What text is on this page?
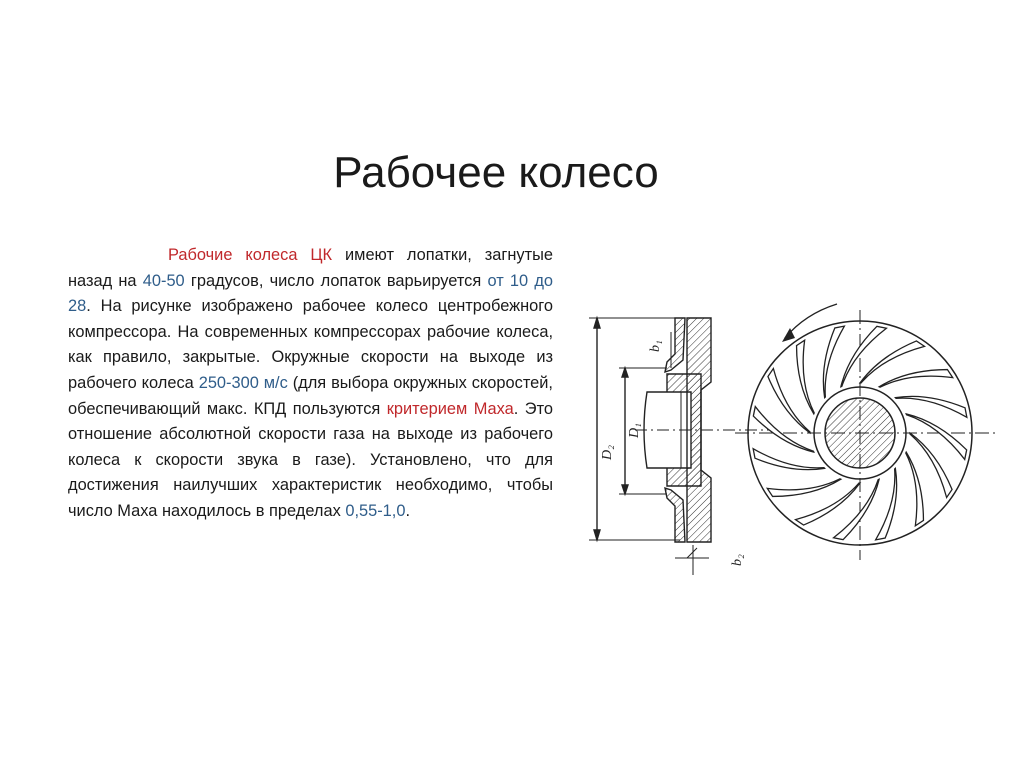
Рабочее колесо
Рабочие колеса ЦК имеют лопатки, загнутые назад на 40-50 градусов, число лопаток варьируется от 10 до 28. На рисунке изображено рабочее колесо центробежного компрессора. На современных компрессорах рабочие колеса, как правило, закрытые. Окружные скорости на выходе из рабочего колеса 250-300 м/с (для выбора окружных скоростей, обеспечивающий макс. КПД пользуются критерием Маха. Это отношение абсолютной скорости газа на выходе из рабочего колеса к скорости звука в газе). Установлено, что для достижения наилучших характеристик необходимо, чтобы число Маха находилось в пределах 0,55-1,0.
b₁
D₁
D₂
b₂
